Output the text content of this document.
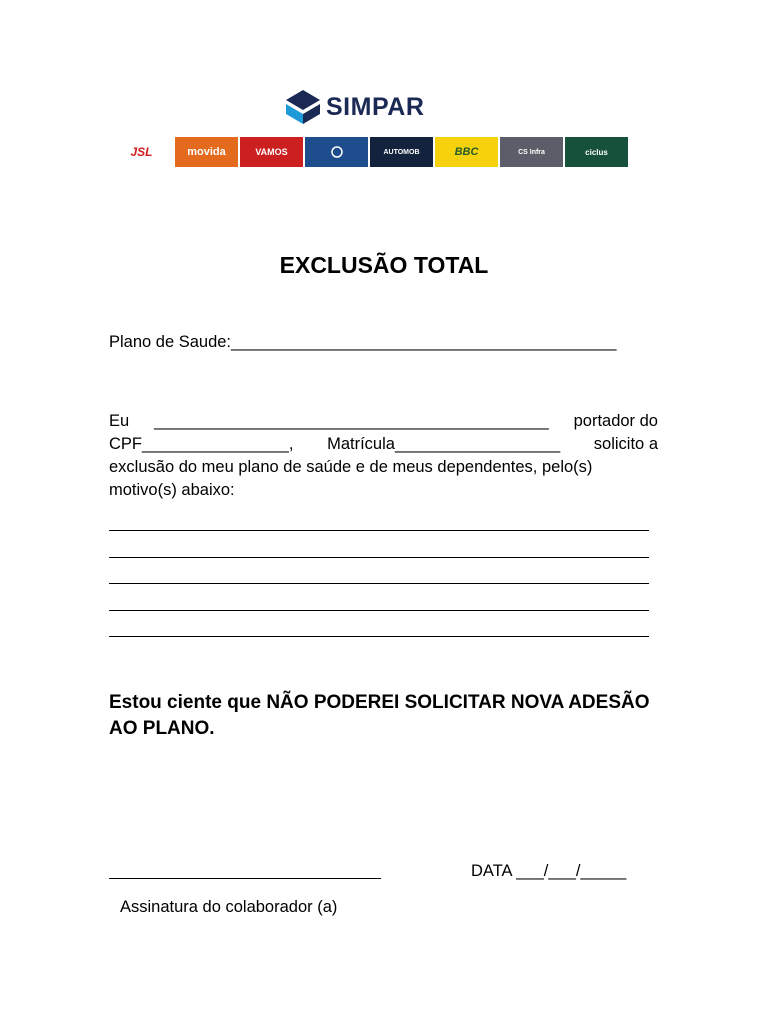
SIMPAR
JSL	movida	VAMOS	AUTOMOB	BBC	CS Infra	ciclus
EXCLUSÃO TOTAL
Plano de Saude:__________________________________________
Eu ___________________________________________ portador do
CPF________________, Matrícula__________________ solicito a
exclusão do meu plano de saúde e de meus dependentes, pelo(s)
motivo(s) abaixo:
Estou ciente que NÃO PODEREI SOLICITAR NOVA ADESÃO AO PLANO.
DATA ___/___/_____
Assinatura do colaborador (a)
